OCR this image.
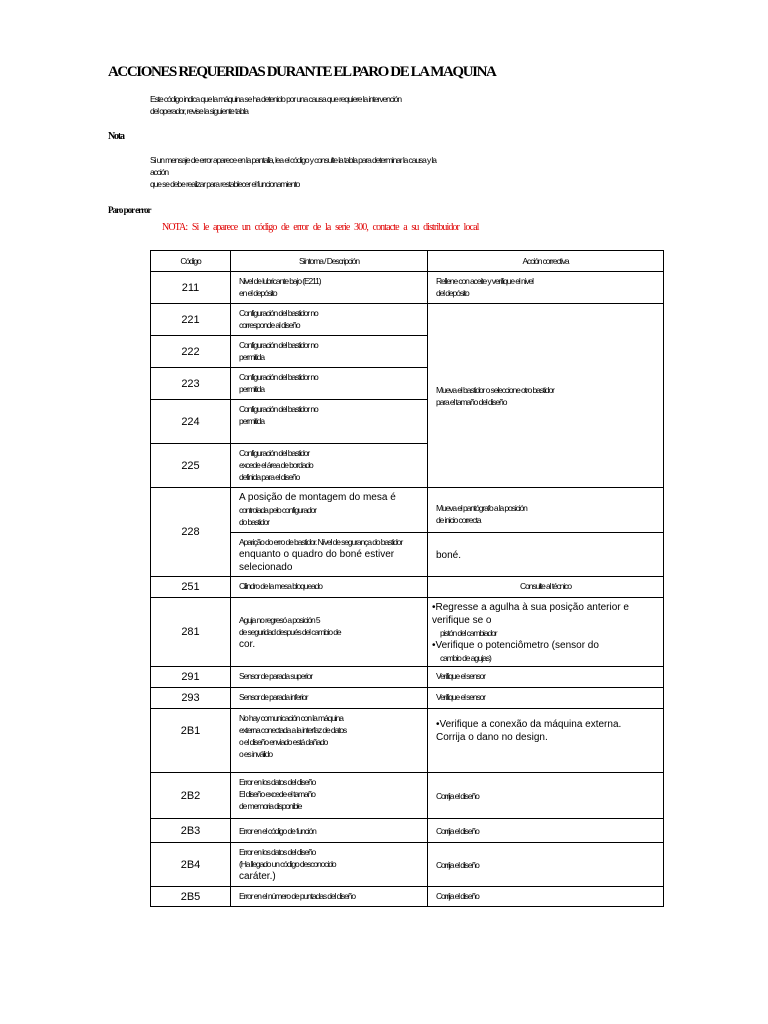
ACCIONES REQUERIDAS DURANTE EL PARO DE LA MAQUINA
Este código indica que la máquina se ha detenido por una causa que requiere la intervención
del operador, revise la siguiente tabla
Nota
Si un mensaje de error aparece en la pantalla, lea el código y consulte la tabla para determinar la causa y la acción
que se debe realizar para restablecer el funcionamiento
Paro por error
NOTA: Si le aparece un código de error de la serie 300, contacte a su distribuidor local
Código	Síntoma / Descripción	Acción correctiva
211	Nivel de lubricante bajo (E211)
en el depósito	Rellene con aceite y verifique el nivel
del depósito

221	Configuración del bastidor no
corresponde al diseño	Mueva el bastidor o seleccione otro bastidor
para el tamaño del diseño

222	Configuración del bastidor no
permitida	

223	Configuración del bastidor no
permitida	

224	Configuración del bastidor no
permitida	

225	Configuración del bastidor
excede el área de bordado
definida para el diseño	

228	A posição de montagem do mesa é
controlada pelo configurador
do bastidor	Mueva el pantógrafo a la posición
de inicio correcta

	Aparição do erro de bastidor. Nível de segurança do bastidor
enquanto o quadro do boné estiver selecionado	boné.

251	Cilindro de la mesa bloqueado	Consulte al técnico

281	Aguja no regresó a posición 5
de seguridad después del cambio de
cor.	•Regresse a agulha à sua posição anterior e verifique se o
pistón del cambiador
•Verifique o potenciômetro (sensor do
cambio de agujas)

291	Sensor de parada superior	Verifique el sensor

293	Sensor de parada inferior	Verifique el sensor

2B1	No hay comunicación con la máquina
externa conectada a la interfaz de datos
o el diseño enviado está dañado
o es inválido	•Verifique a conexão da máquina externa.
Corrija o dano no design.

2B2	Error en los datos del diseño
El diseño excede el tamaño
de memoria disponible	Corrija el diseño

2B3	Error en el código de función	Corrija el diseño

2B4	Error en los datos del diseño
(Ha llegado un código desconocido
caráter.)	Corrija el diseño

2B5	Error en el número de puntadas del diseño	Corrija el diseño
